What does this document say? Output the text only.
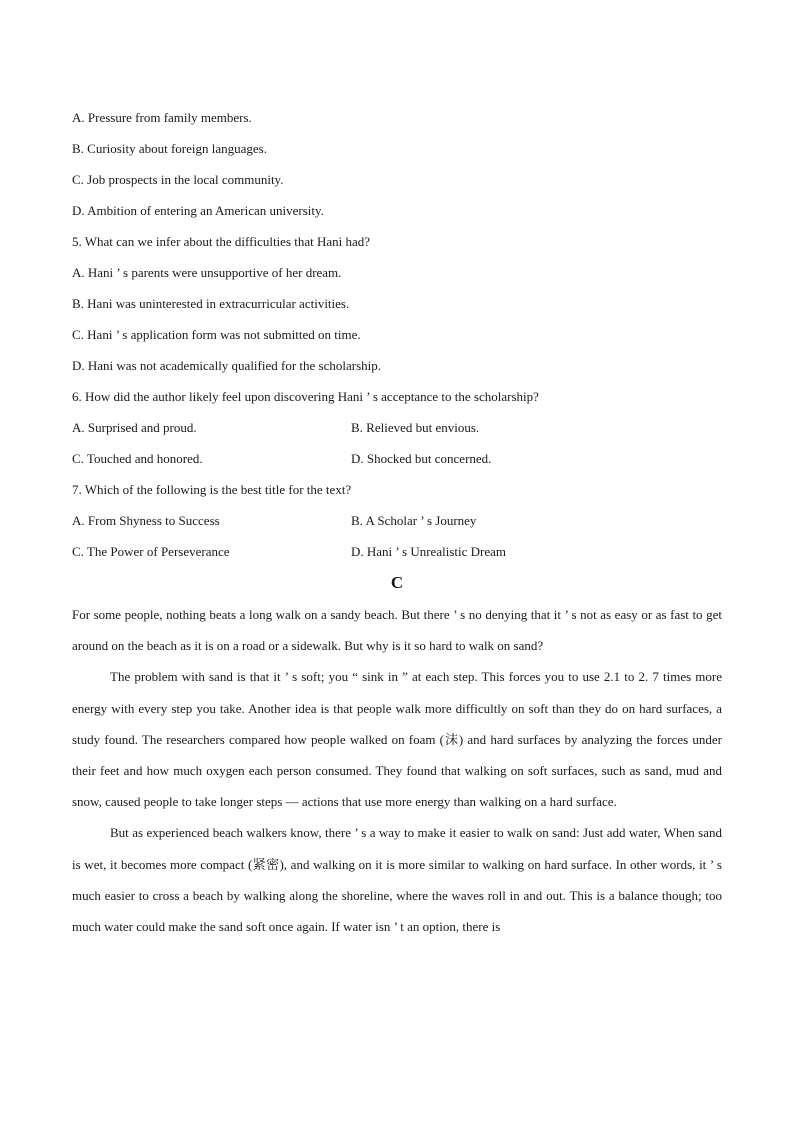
A. Pressure from family members.
B. Curiosity about foreign languages.
C. Job prospects in the local community.
D. Ambition of entering an American university.
5. What can we infer about the difficulties that Hani had?
A. Hani ’ s parents were unsupportive of her dream.
B. Hani was uninterested in extracurricular activities.
C. Hani ’ s application form was not submitted on time.
D. Hani was not academically qualified for the scholarship.
6. How did the author likely feel upon discovering Hani ’ s acceptance to the scholarship?
A. Surprised and proud.	B. Relieved but envious.
C. Touched and honored.	D. Shocked but concerned.
7. Which of the following is the best title for the text?
A. From Shyness to Success	B. A Scholar ’ s Journey
C. The Power of Perseverance	D. Hani ’ s Unrealistic Dream
C

For some people, nothing beats a long walk on a sandy beach. But there ’ s no denying that it ’ s not as easy or as fast to get around on the beach as it is on a road or a sidewalk. But why is it so hard to walk on sand?

The problem with sand is that it ’ s soft; you “ sink in ” at each step. This forces you to use 2.1 to 2. 7 times more energy with every step you take. Another idea is that people walk more difficultly on soft than they do on hard surfaces, a study found. The researchers compared how people walked on foam (沫) and hard surfaces by analyzing the forces under their feet and how much oxygen each person consumed. They found that walking on soft surfaces, such as sand, mud and snow, caused people to take longer steps — actions that use more energy than walking on a hard surface.

But as experienced beach walkers know, there ’ s a way to make it easier to walk on sand: Just add water, When sand is wet, it becomes more compact (紧密), and walking on it is more similar to walking on hard surface. In other words, it ’ s much easier to cross a beach by walking along the shoreline, where the waves roll in and out. This is a balance though; too much water could make the sand soft once again. If water isn ’ t an option, there is
